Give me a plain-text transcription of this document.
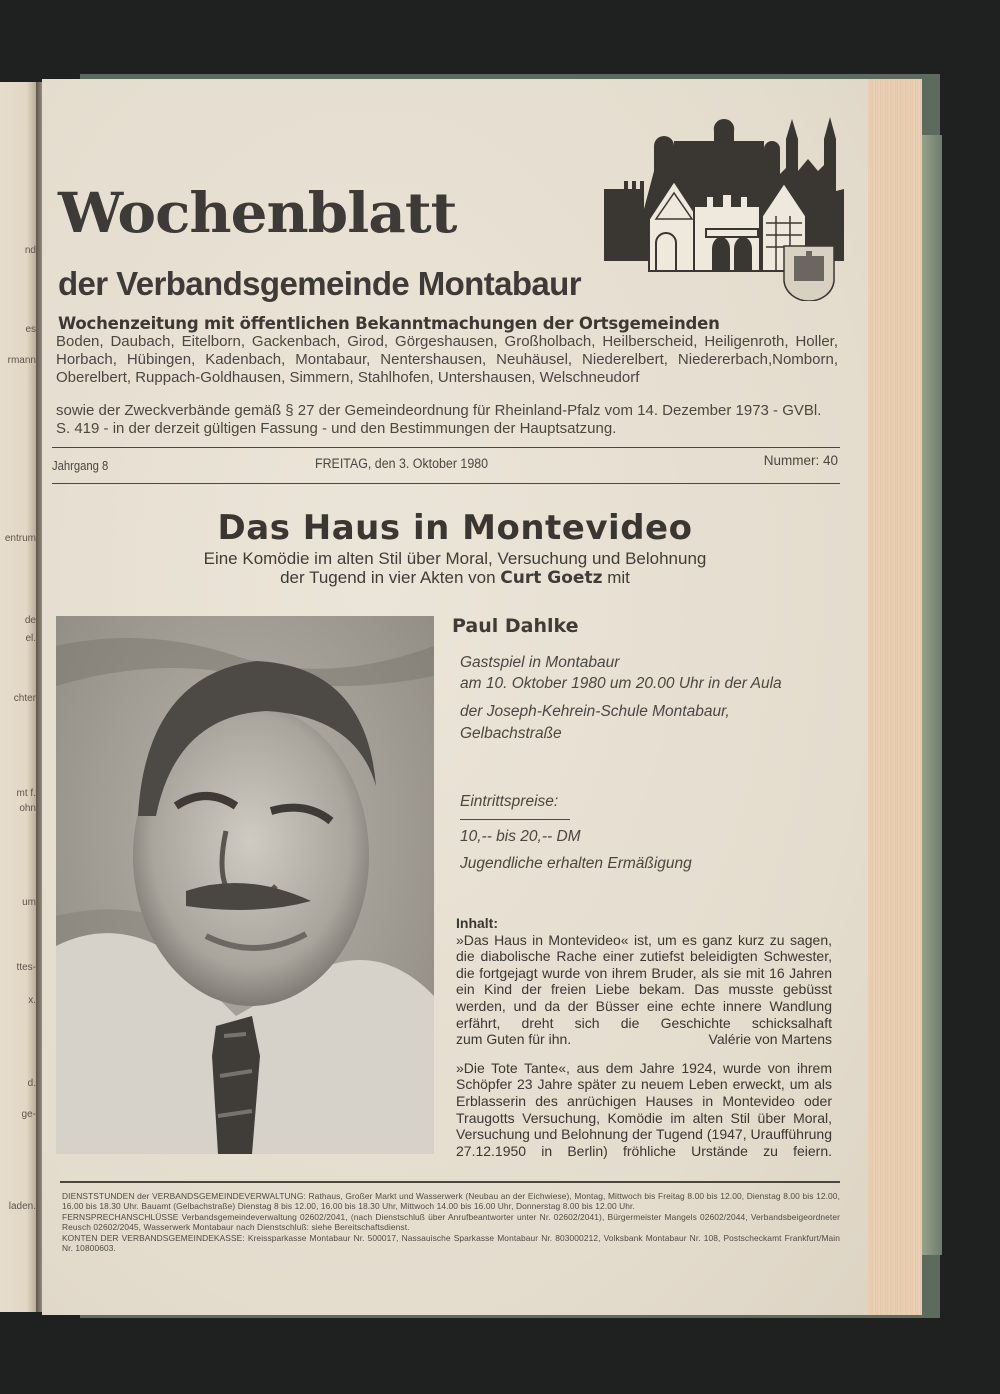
nd
es
rmann
entrum
de
el.
chter
mt f.
ohn
um
ttes-
x.
d.
ge-
laden.
Wochenblatt
der Verbandsgemeinde Montabaur
Wochenzeitung mit öffentlichen Bekanntmachungen der Ortsgemeinden
Boden, Daubach, Eitelborn, Gackenbach, Girod, Görgeshausen, Großholbach, Heilberscheid, Heiligenroth, Holler, Horbach, Hübingen, Kadenbach, Montabaur, Nentershausen, Neuhäusel, Niederelbert, Niedererbach,Nomborn, Oberelbert, Ruppach-Goldhausen, Simmern, Stahlhofen, Untershausen, Welschneudorf
sowie der Zweckverbände gemäß § 27 der Gemeindeordnung für Rheinland-Pfalz vom 14. Dezember 1973 - GVBl. S. 419 - in der derzeit gültigen Fassung - und den Bestimmungen der Hauptsatzung.
Jahrgang 8	FREITAG, den 3. Oktober 1980	Nummer: 40
Das Haus in Montevideo
Eine Komödie im alten Stil über Moral, Versuchung und Belohnung
der Tugend in vier Akten von Curt Goetz mit
Paul Dahlke
Gastspiel in Montabaur
am 10. Oktober 1980 um 20.00 Uhr in der Aula
der Joseph-Kehrein-Schule Montabaur,
Gelbachstraße
Eintrittspreise:
10,-- bis 20,-- DM
Jugendliche erhalten Ermäßigung
Inhalt:

»Das Haus in Montevideo« ist, um es ganz kurz zu sagen, die diabolische Rache einer zutiefst beleidigten Schwester, die fortgejagt wurde von ihrem Bruder, als sie mit 16 Jahren ein Kind der freien Liebe bekam. Das musste gebüsst werden, und da der Büsser eine echte innere Wandlung erfährt, dreht sich die Geschichte schicksalhaft

zum Guten für ihn.	Valérie von Martens

»Die Tote Tante«, aus dem Jahre 1924, wurde von ihrem Schöpfer 23 Jahre später zu neuem Leben erweckt, um als Erblasserin des anrüchigen Hauses in Montevideo oder Traugotts Versuchung, Komödie im alten Stil über Moral, Versuchung und Belohnung der Tugend (1947, Uraufführung 27.12.1950 in Berlin) fröhliche Urstände zu feiern.

DIENSTSTUNDEN der VERBANDSGEMEINDEVERWALTUNG: Rathaus, Großer Markt und Wasserwerk (Neubau an der Eichwiese), Montag, Mittwoch bis Freitag 8.00 bis 12.00, Dienstag 8.00 bis 12.00, 16.00 bis 18.30 Uhr. Bauamt (Gelbachstraße) Dienstag 8 bis 12.00, 16.00 bis 18.30 Uhr, Mittwoch 14.00 bis 16.00 Uhr, Donnerstag 8.00 bis 12.00 Uhr.
FERNSPRECHANSCHLÜSSE Verbandsgemeindeverwaltung 02602/2041, (nach Dienstschluß über Anrufbeantworter unter Nr. 02602/2041), Bürgermeister Mangels 02602/2044, Verbandsbeigeordneter Reusch 02602/2045, Wasserwerk Montabaur nach Dienstschluß: siehe Bereitschaftsdienst.
KONTEN DER VERBANDSGEMEINDEKASSE: Kreissparkasse Montabaur Nr. 500017, Nassauische Sparkasse Montabaur Nr. 803000212, Volksbank Montabaur Nr. 108, Postscheckamt Frankfurt/Main Nr. 10800603.
